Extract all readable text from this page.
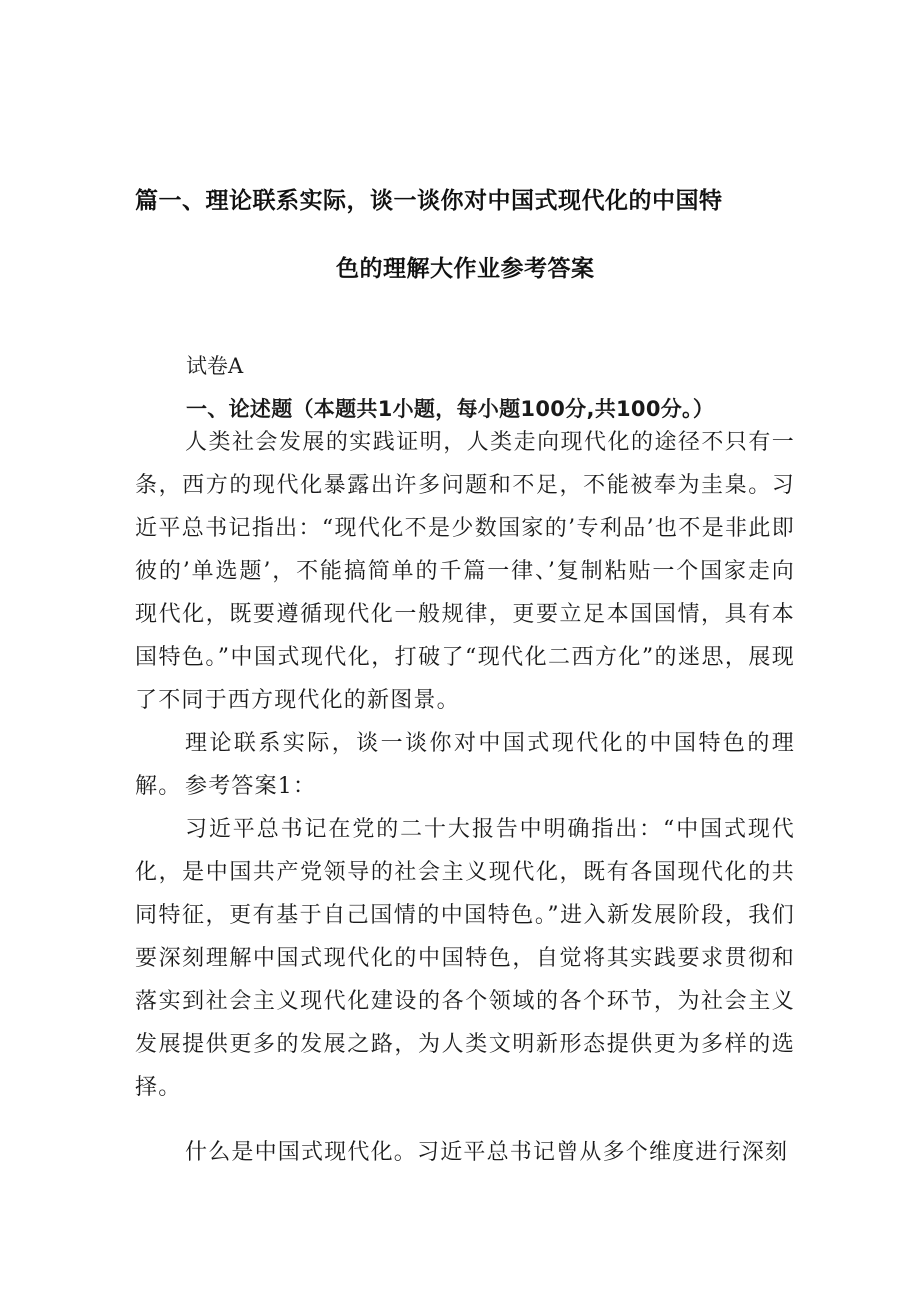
篇一、理论联系实际，谈一谈你对中国式现代化的中国特
色的理解大作业参考答案
试卷A
一、论述题（本题共1小题，每小题100分,共100分。）

人类社会发展的实践证明，人类走向现代化的途径不只有一条，西方的现代化暴露出许多问题和不足，不能被奉为圭臬。习近平总书记指出：“现代化不是少数国家的’专利品’也不是非此即彼的’单选题’，不能搞简单的千篇一律、’复制粘贴一个国家走向现代化，既要遵循现代化一般规律，更要立足本国国情，具有本国特色。”中国式现代化，打破了“现代化二西方化”的迷思，展现了不同于西方现代化的新图景。

理论联系实际，谈一谈你对中国式现代化的中国特色的理解。 参考答案1：

习近平总书记在党的二十大报告中明确指出：“中国式现代化，是中国共产党领导的社会主义现代化，既有各国现代化的共同特征，更有基于自己国情的中国特色。”进入新发展阶段，我们要深刻理解中国式现代化的中国特色，自觉将其实践要求贯彻和落实到社会主义现代化建设的各个领域的各个环节，为社会主义发展提供更多的发展之路，为人类文明新形态提供更为多样的选择。

什么是中国式现代化。习近平总书记曾从多个维度进行深刻
